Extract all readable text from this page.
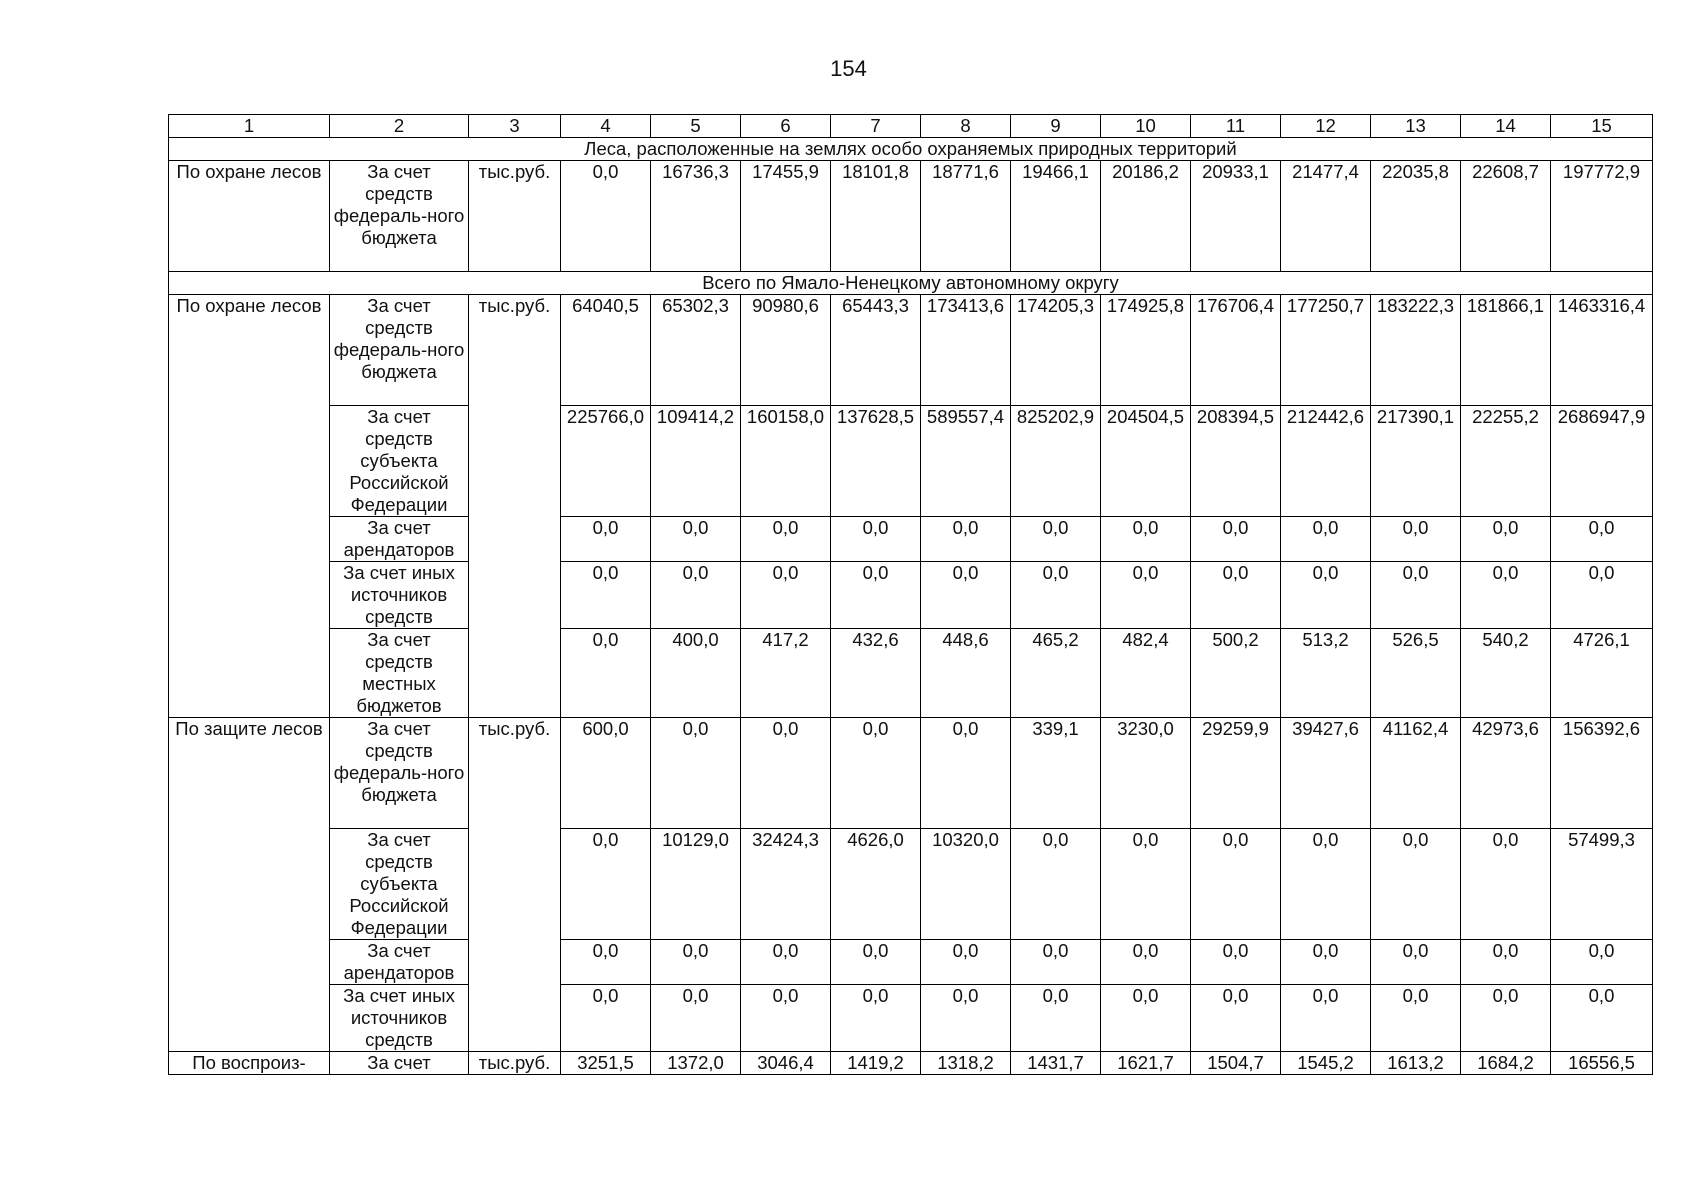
154
1	2	3	4	5	6	7	8	9	10	11	12	13	14	15
Леса, расположенные на землях особо охраняемых природных территорий														
По охране лесов	За счет средств федераль-ного бюджета	тыс.руб.	0,0	16736,3	17455,9	18101,8	18771,6	19466,1	20186,2	20933,1	21477,4	22035,8	22608,7	197772,9
Всего по Ямало-Ненецкому автономному округу														
По охране лесов	За счет средств федераль-ного бюджета	тыс.руб.	64040,5	65302,3	90980,6	65443,3	173413,6	174205,3	174925,8	176706,4	177250,7	183222,3	181866,1	1463316,4
	За счет средств субъекта Российской Федерации		225766,0	109414,2	160158,0	137628,5	589557,4	825202,9	204504,5	208394,5	212442,6	217390,1	22255,2	2686947,9
	За счет арендаторов		0,0	0,0	0,0	0,0	0,0	0,0	0,0	0,0	0,0	0,0	0,0	0,0
	За счет иных источников средств		0,0	0,0	0,0	0,0	0,0	0,0	0,0	0,0	0,0	0,0	0,0	0,0
	За счет средств местных бюджетов		0,0	400,0	417,2	432,6	448,6	465,2	482,4	500,2	513,2	526,5	540,2	4726,1
По защите лесов	За счет средств федераль-ного бюджета	тыс.руб.	600,0	0,0	0,0	0,0	0,0	339,1	3230,0	29259,9	39427,6	41162,4	42973,6	156392,6
	За счет средств субъекта Российской Федерации		0,0	10129,0	32424,3	4626,0	10320,0	0,0	0,0	0,0	0,0	0,0	0,0	57499,3
	За счет арендаторов		0,0	0,0	0,0	0,0	0,0	0,0	0,0	0,0	0,0	0,0	0,0	0,0
	За счет иных источников средств		0,0	0,0	0,0	0,0	0,0	0,0	0,0	0,0	0,0	0,0	0,0	0,0
По воспроиз-	За счет	тыс.руб.	3251,5	1372,0	3046,4	1419,2	1318,2	1431,7	1621,7	1504,7	1545,2	1613,2	1684,2	16556,5
